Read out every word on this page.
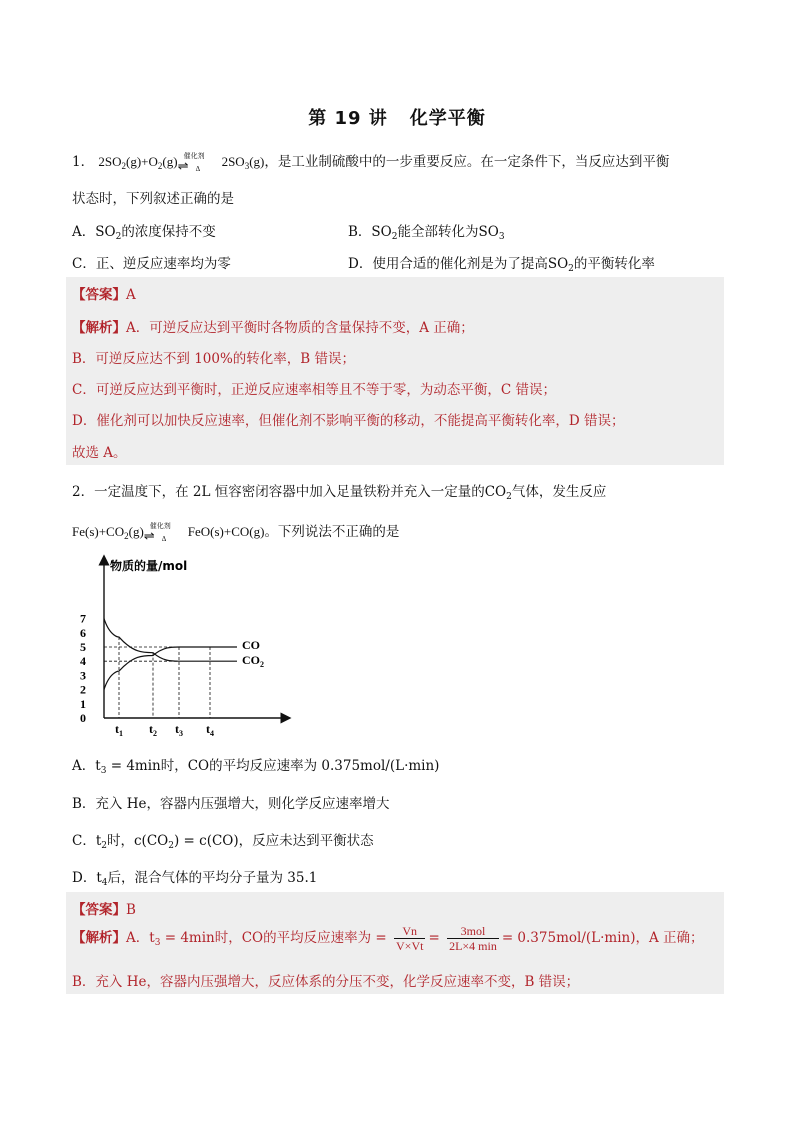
第 19 讲 化学平衡
1． $2SO_2(g)+O_2(g)$ 催化剂
⇌ Δ
$2SO_3(g)$，是工业制硫酸中的一步重要反应。在一定条件下，当反应达到平衡
状态时，下列叙述正确的是
A．$SO_2$的浓度保持不变	B．$SO_2$能全部转化为$SO_3$
C．正、逆反应速率均为零	D．使用合适的催化剂是为了提高$SO_2$的平衡转化率
【答案】A
【解析】A．可逆反应达到平衡时各物质的含量保持不变，A 正确；
B．可逆反应达不到 100%的转化率，B 错误；
C．可逆反应达到平衡时，正逆反应速率相等且不等于零，为动态平衡，C 错误；
D．催化剂可以加快反应速率，但催化剂不影响平衡的移动，不能提高平衡转化率，D 错误；
故选 A。
2．一定温度下，在 2L 恒容密闭容器中加入足量铁粉并充入一定量的$CO_2$气体，发生反应
$Fe(s)+CO_2(g)$ 催化剂
⇌ Δ
FeO(s)+CO(g)。下列说法不正确的是
物质的量/mol
7
6
5
4
3
2
1
0
CO
$CO_2$
$t_1$ $t_2$ $t_3$ $t_4$
A．$t_3 = 4\min$时，CO的平均反应速率为 0.375mol/(L·min)
B．充入 He，容器内压强增大，则化学反应速率增大
C．$t_2$时，$c(CO_2) = c(CO)$，反应未达到平衡状态
D．$t_4$后，混合气体的平均分子量为 35.1
【答案】B
【解析】A．$t_3 = 4\min$时，CO的平均反应速率为 = $\frac{Vn}{V\times Vt} = \frac{\text{3mol}}{2L\times 4 \min} = 0.375mol/(L\cdot\min)$，A 正确；
B．充入 He，容器内压强增大，反应体系的分压不变，化学反应速率不变，B 错误；
